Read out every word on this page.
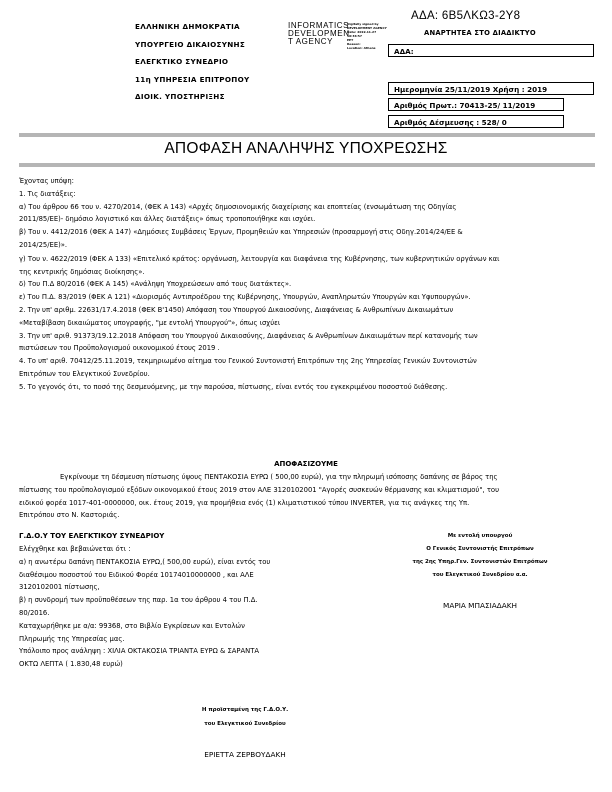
ΕΛΛΗΝΙΚΗ ΔΗΜΟΚΡΑΤΙΑ
ΥΠΟΥΡΓΕΙΟ ΔΙΚΑΙΟΣΥΝΗΣ
ΕΛΕΓΚΤΙΚΟ ΣΥΝΕΔΡΙΟ
11η ΥΠΗΡΕΣΙΑ ΕΠΙΤΡΟΠΟΥ
ΔΙΟΙΚ. ΥΠΟΣΤΗΡΙΞΗΣ
INFORMATICS
DEVELOPMEN
T AGENCY
Digitally signed by
DEVELOPMENT AGENCY
Date: 2019.11.27 10:36:57
EET
Reason:
Location: Athens
ΑΔΑ: 6Β5ΛΚΩ3-2Υ8
ΑΝΑΡΤΗΤΕΑ ΣΤΟ ΔΙΑΔΙΚΤΥΟ
ΑΔΑ:
Ημερομηνία 25/11/2019 Χρήση : 2019
Αριθμός Πρωτ.: 70413-25/ 11/2019
Αριθμός Δέσμευσης : 528/ 0
ΑΠΟΦΑΣΗ ΑΝΑΛΗΨΗΣ ΥΠΟΧΡΕΩΣΗΣ
Έχοντας υπόψη:
1. Τις διατάξεις:
α) Του άρθρου 66 του ν. 4270/2014, (ΦΕΚ Α 143) «Αρχές δημοσιονομικής διαχείρισης και εποπτείας (ενσωμάτωση της Οδηγίας
2011/85/ΕΕ)- δημόσιο λογιστικό και άλλες διατάξεις» όπως τροποποιήθηκε και ισχύει.
β) Του ν. 4412/2016 (ΦΕΚ Α 147) «Δημόσιες Συμβάσεις Έργων, Προμηθειών και Υπηρεσιών (προσαρμογή στις Οδηγ.2014/24/ΕΕ &
2014/25/ΕΕ)».
γ) Του ν. 4622/2019 (ΦΕΚ Α 133) «Επιτελικό κράτος: οργάνωση, λειτουργία και διαφάνεια της Κυβέρνησης, των κυβερνητικών οργάνων και
της κεντρικής δημόσιας διοίκησης».
δ) Του Π.Δ 80/2016 (ΦΕΚ Α 145) «Ανάληψη Υποχρεώσεων από τους διατάκτες».
ε) Του Π.Δ. 83/2019 (ΦΕΚ Α 121) «Διορισμός Αντιπροέδρου της Κυβέρνησης, Υπουργών, Αναπληρωτών Υπουργών και Υφυπουργών».
2. Την υπ' αριθμ. 22631/17.4.2018 (ΦΕΚ Β'1450) Απόφαση του Υπουργού Δικαιοσύνης, Διαφάνειας & Ανθρωπίνων Δικαιωμάτων
«Μεταβίβαση δικαιώματος υπογραφής, "με εντολή Υπουργού"», όπως ισχύει
3. Την υπ' αριθ. 91373/19.12.2018 Απόφαση του Υπουργού Δικαιοσύνης, Διαφάνειας & Ανθρωπίνων Δικαιωμάτων περί κατανομής των
πιστώσεων του Προϋπολογισμού οικονομικού έτους 2019 .
4. Το υπ' αριθ. 70412/25.11.2019, τεκμηριωμένο αίτημα του Γενικού Συντονιστή Επιτρόπων της 2ης Υπηρεσίας Γενικών Συντονιστών
Επιτρόπων του Ελεγκτικού Συνεδρίου.
5. Το γεγονός ότι, το ποσό της δεσμευόμενης, με την παρούσα, πίστωσης, είναι εντός του εγκεκριμένου ποσοστού διάθεσης.
ΑΠΟΦΑΣΙΖΟΥΜΕ
Εγκρίνουμε τη δέσμευση πίστωσης ύψους ΠΕΝΤΑΚΟΣΙΑ ΕΥΡΩ ( 500,00 ευρώ), για την πληρωμή ισόποσης δαπάνης σε βάρος της
πίστωσης του προϋπολογισμού εξόδων οικονομικού έτους 2019 στον ΑΛΕ 3120102001 "Αγορές συσκευών θέρμανσης και κλιματισμού", του
ειδικού φορέα 1017-401-0000000, οικ. έτους 2019, για προμήθεια ενός (1) κλιματιστικού τύπου INVERTER, για τις ανάγκες της Υπ.
Επιτρόπου στο Ν. Καστοριάς.
Γ.Δ.Ο.Υ ΤΟΥ ΕΛΕΓΚΤΙΚΟΥ ΣΥΝΕΔΡΙΟΥ
Ελέγχθηκε και βεβαιώνεται ότι :
α) η ανωτέρω δαπάνη ΠΕΝΤΑΚΟΣΙΑ ΕΥΡΩ,( 500,00 ευρώ), είναι εντός του
διαθέσιμου ποσοστού του Ειδικού Φορέα 10174010000000 , και ΑΛΕ
3120102001 πίστωσης,
β) η συνδρομή των προϋποθέσεων της παρ. 1α του άρθρου 4 του Π.Δ.
80/2016.
Καταχωρήθηκε με α/α: 99368, στο Βιβλίο Εγκρίσεων και Εντολών
Πληρωμής της Υπηρεσίας μας.
Υπόλοιπο προς ανάληψη : ΧΙΛΙΑ ΟΚΤΑΚΟΣΙΑ ΤΡΙΑΝΤΑ ΕΥΡΩ & ΣΑΡΑΝΤΑ
ΟΚΤΩ ΛΕΠΤΑ ( 1.830,48 ευρώ)
Με εντολή υπουργού
Ο Γενικός Συντονιστής Επιτρόπων
της 2ης Υπηρ.Γεν. Συντονιστών Επιτρόπων
του Ελεγκτικού Συνεδρίου α.α.
ΜΑΡΙΑ ΜΠΑΣΙΑΔΑΚΗ
Η προϊσταμένη της Γ.Δ.Ο.Υ.
του Ελεγκτικού Συνεδρίου
ΕΡΙΕΤΤΑ ΖΕΡΒΟΥΔΑΚΗ
